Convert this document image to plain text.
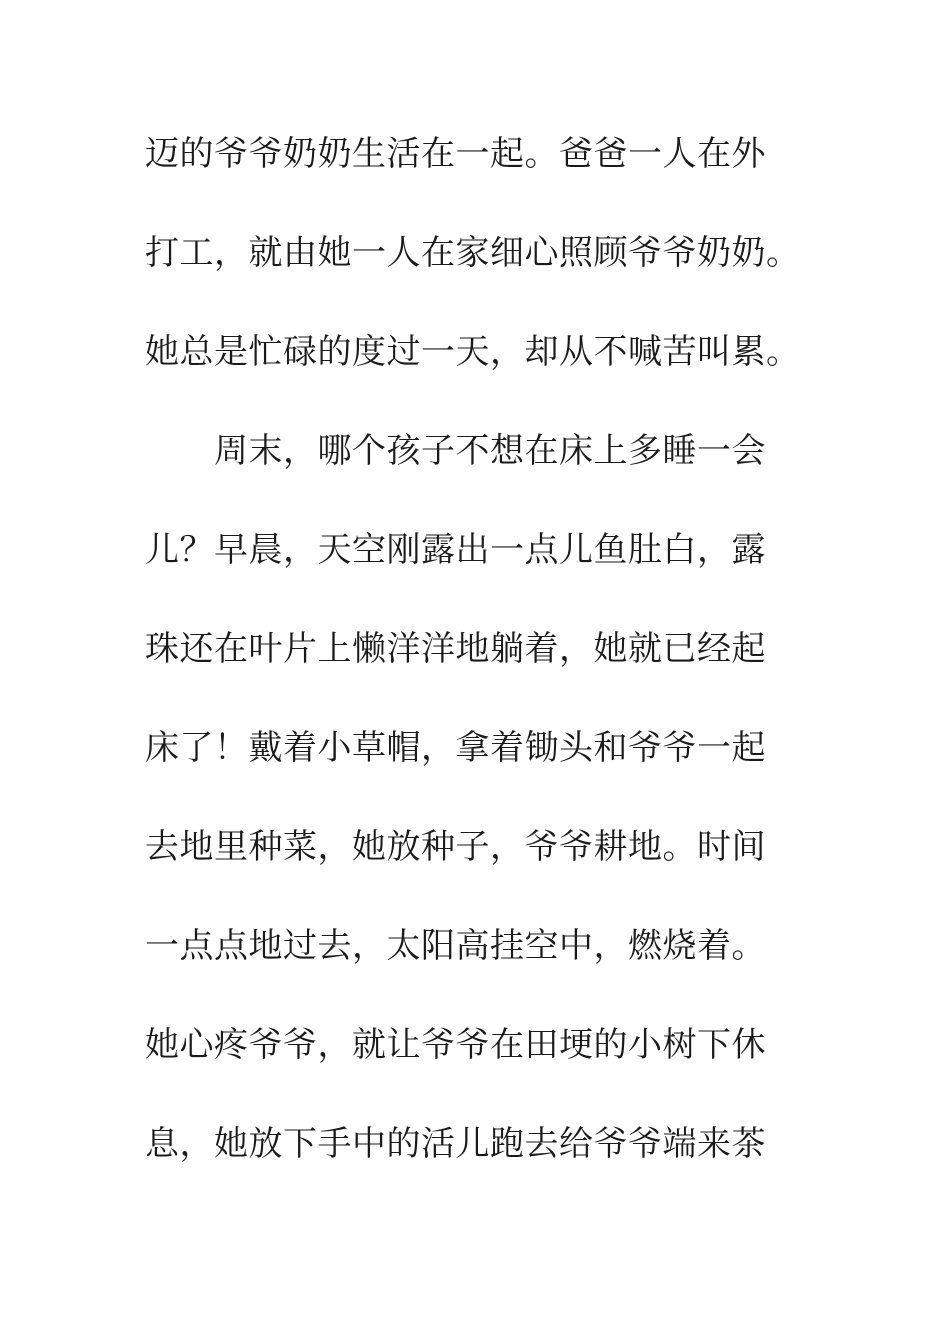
迈的爷爷奶奶生活在一起。爸爸一人在外
打工，就由她一人在家细心照顾爷爷奶奶。
她总是忙碌的度过一天，却从不喊苦叫累。
　　周末，哪个孩子不想在床上多睡一会
儿？早晨，天空刚露出一点儿鱼肚白，露
珠还在叶片上懒洋洋地躺着，她就已经起
床了！戴着小草帽，拿着锄头和爷爷一起
去地里种菜，她放种子，爷爷耕地。时间
一点点地过去，太阳高挂空中，燃烧着。
她心疼爷爷，就让爷爷在田埂的小树下休
息，她放下手中的活儿跑去给爷爷端来茶
